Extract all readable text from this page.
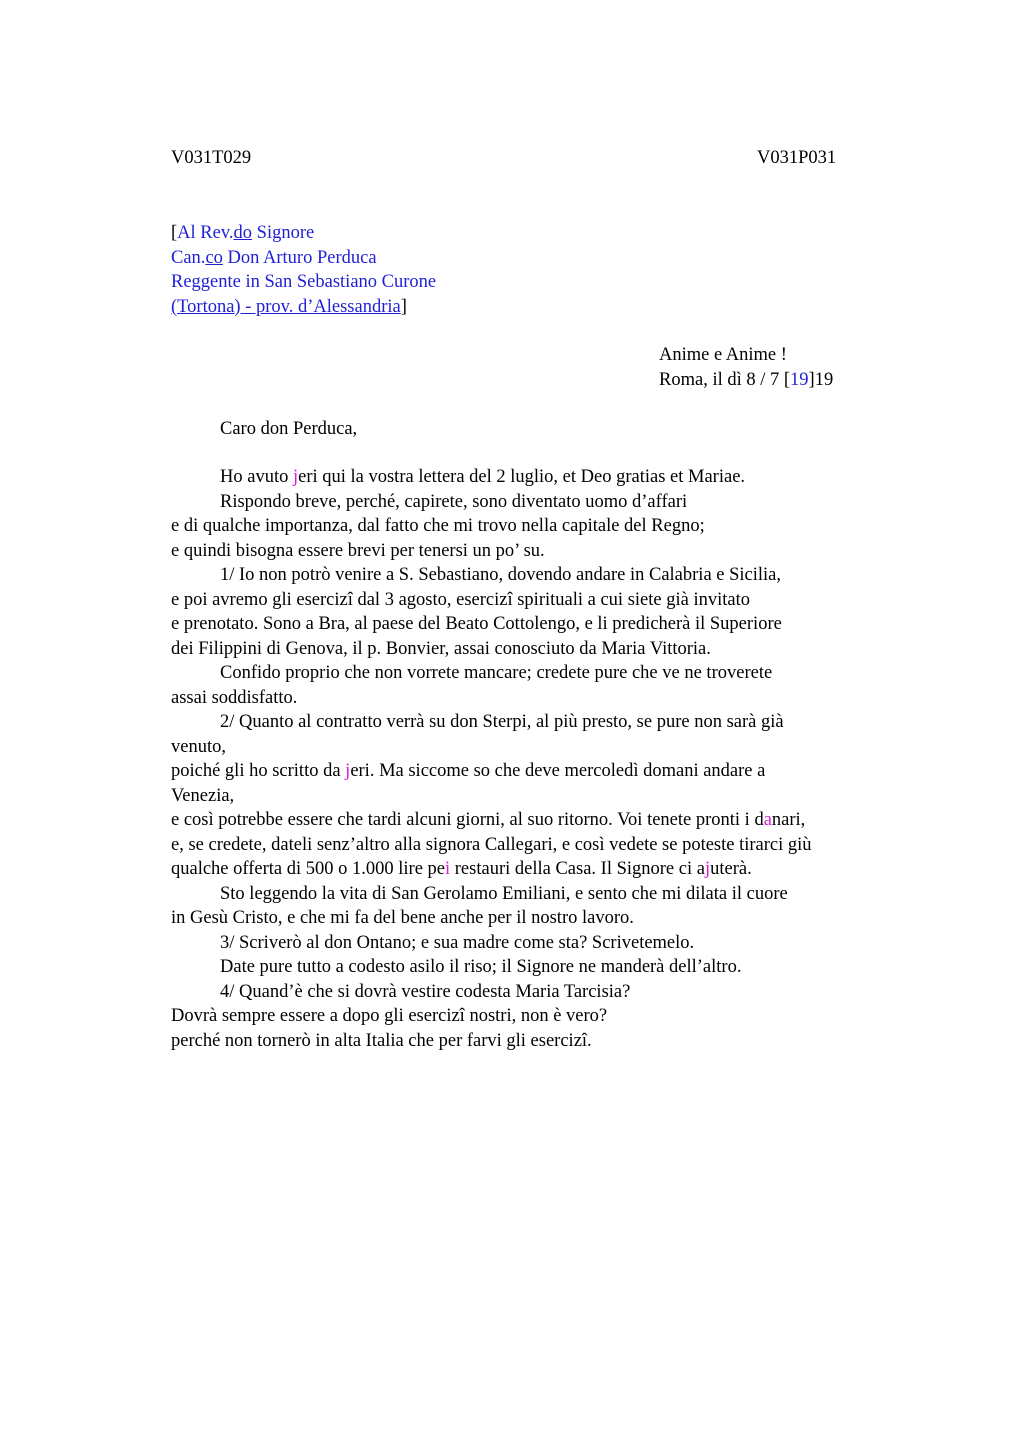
V031T029	V031P031
[Al Rev.do Signore
Can.co Don Arturo Perduca
Reggente in San Sebastiano Curone
(Tortona) - prov. d’Alessandria]
Anime e Anime !
Roma, il dì 8 / 7 [19]19
Caro don Perduca,
Ho avuto jeri qui la vostra lettera del 2 luglio, et Deo gratias et Mariae.
Rispondo breve, perché, capirete, sono diventato uomo d’affari
e di qualche importanza, dal fatto che mi trovo nella capitale del Regno;
e quindi bisogna essere brevi per tenersi un po’ su.
1/ Io non potrò venire a S. Sebastiano, dovendo andare in Calabria e Sicilia,
e poi avremo gli esercizî dal 3 agosto, esercizî spirituali a cui siete già invitato
e prenotato. Sono a Bra, al paese del Beato Cottolengo, e li predicherà il Superiore
dei Filippini di Genova, il p. Bonvier, assai conosciuto da Maria Vittoria.
Confido proprio che non vorrete mancare; credete pure che ve ne troverete
assai soddisfatto.
2/ Quanto al contratto verrà su don Sterpi, al più presto, se pure non sarà già
venuto,
poiché gli ho scritto da jeri. Ma siccome so che deve mercoledì domani andare a
Venezia,
e così potrebbe essere che tardi alcuni giorni, al suo ritorno. Voi tenete pronti i danari,
e, se credete, dateli senz’altro alla signora Callegari, e così vedete se poteste tirarci giù
qualche offerta di 500 o 1.000 lire pei restauri della Casa. Il Signore ci ajuterà.
Sto leggendo la vita di San Gerolamo Emiliani, e sento che mi dilata il cuore
in Gesù Cristo, e che mi fa del bene anche per il nostro lavoro.
3/ Scriverò al don Ontano; e sua madre come sta? Scrivetemelo.
Date pure tutto a codesto asilo il riso; il Signore ne manderà dell’altro.
4/ Quand’è che si dovrà vestire codesta Maria Tarcisia?
Dovrà sempre essere a dopo gli esercizî nostri, non è vero?
perché non tornerò in alta Italia che per farvi gli esercizî.
